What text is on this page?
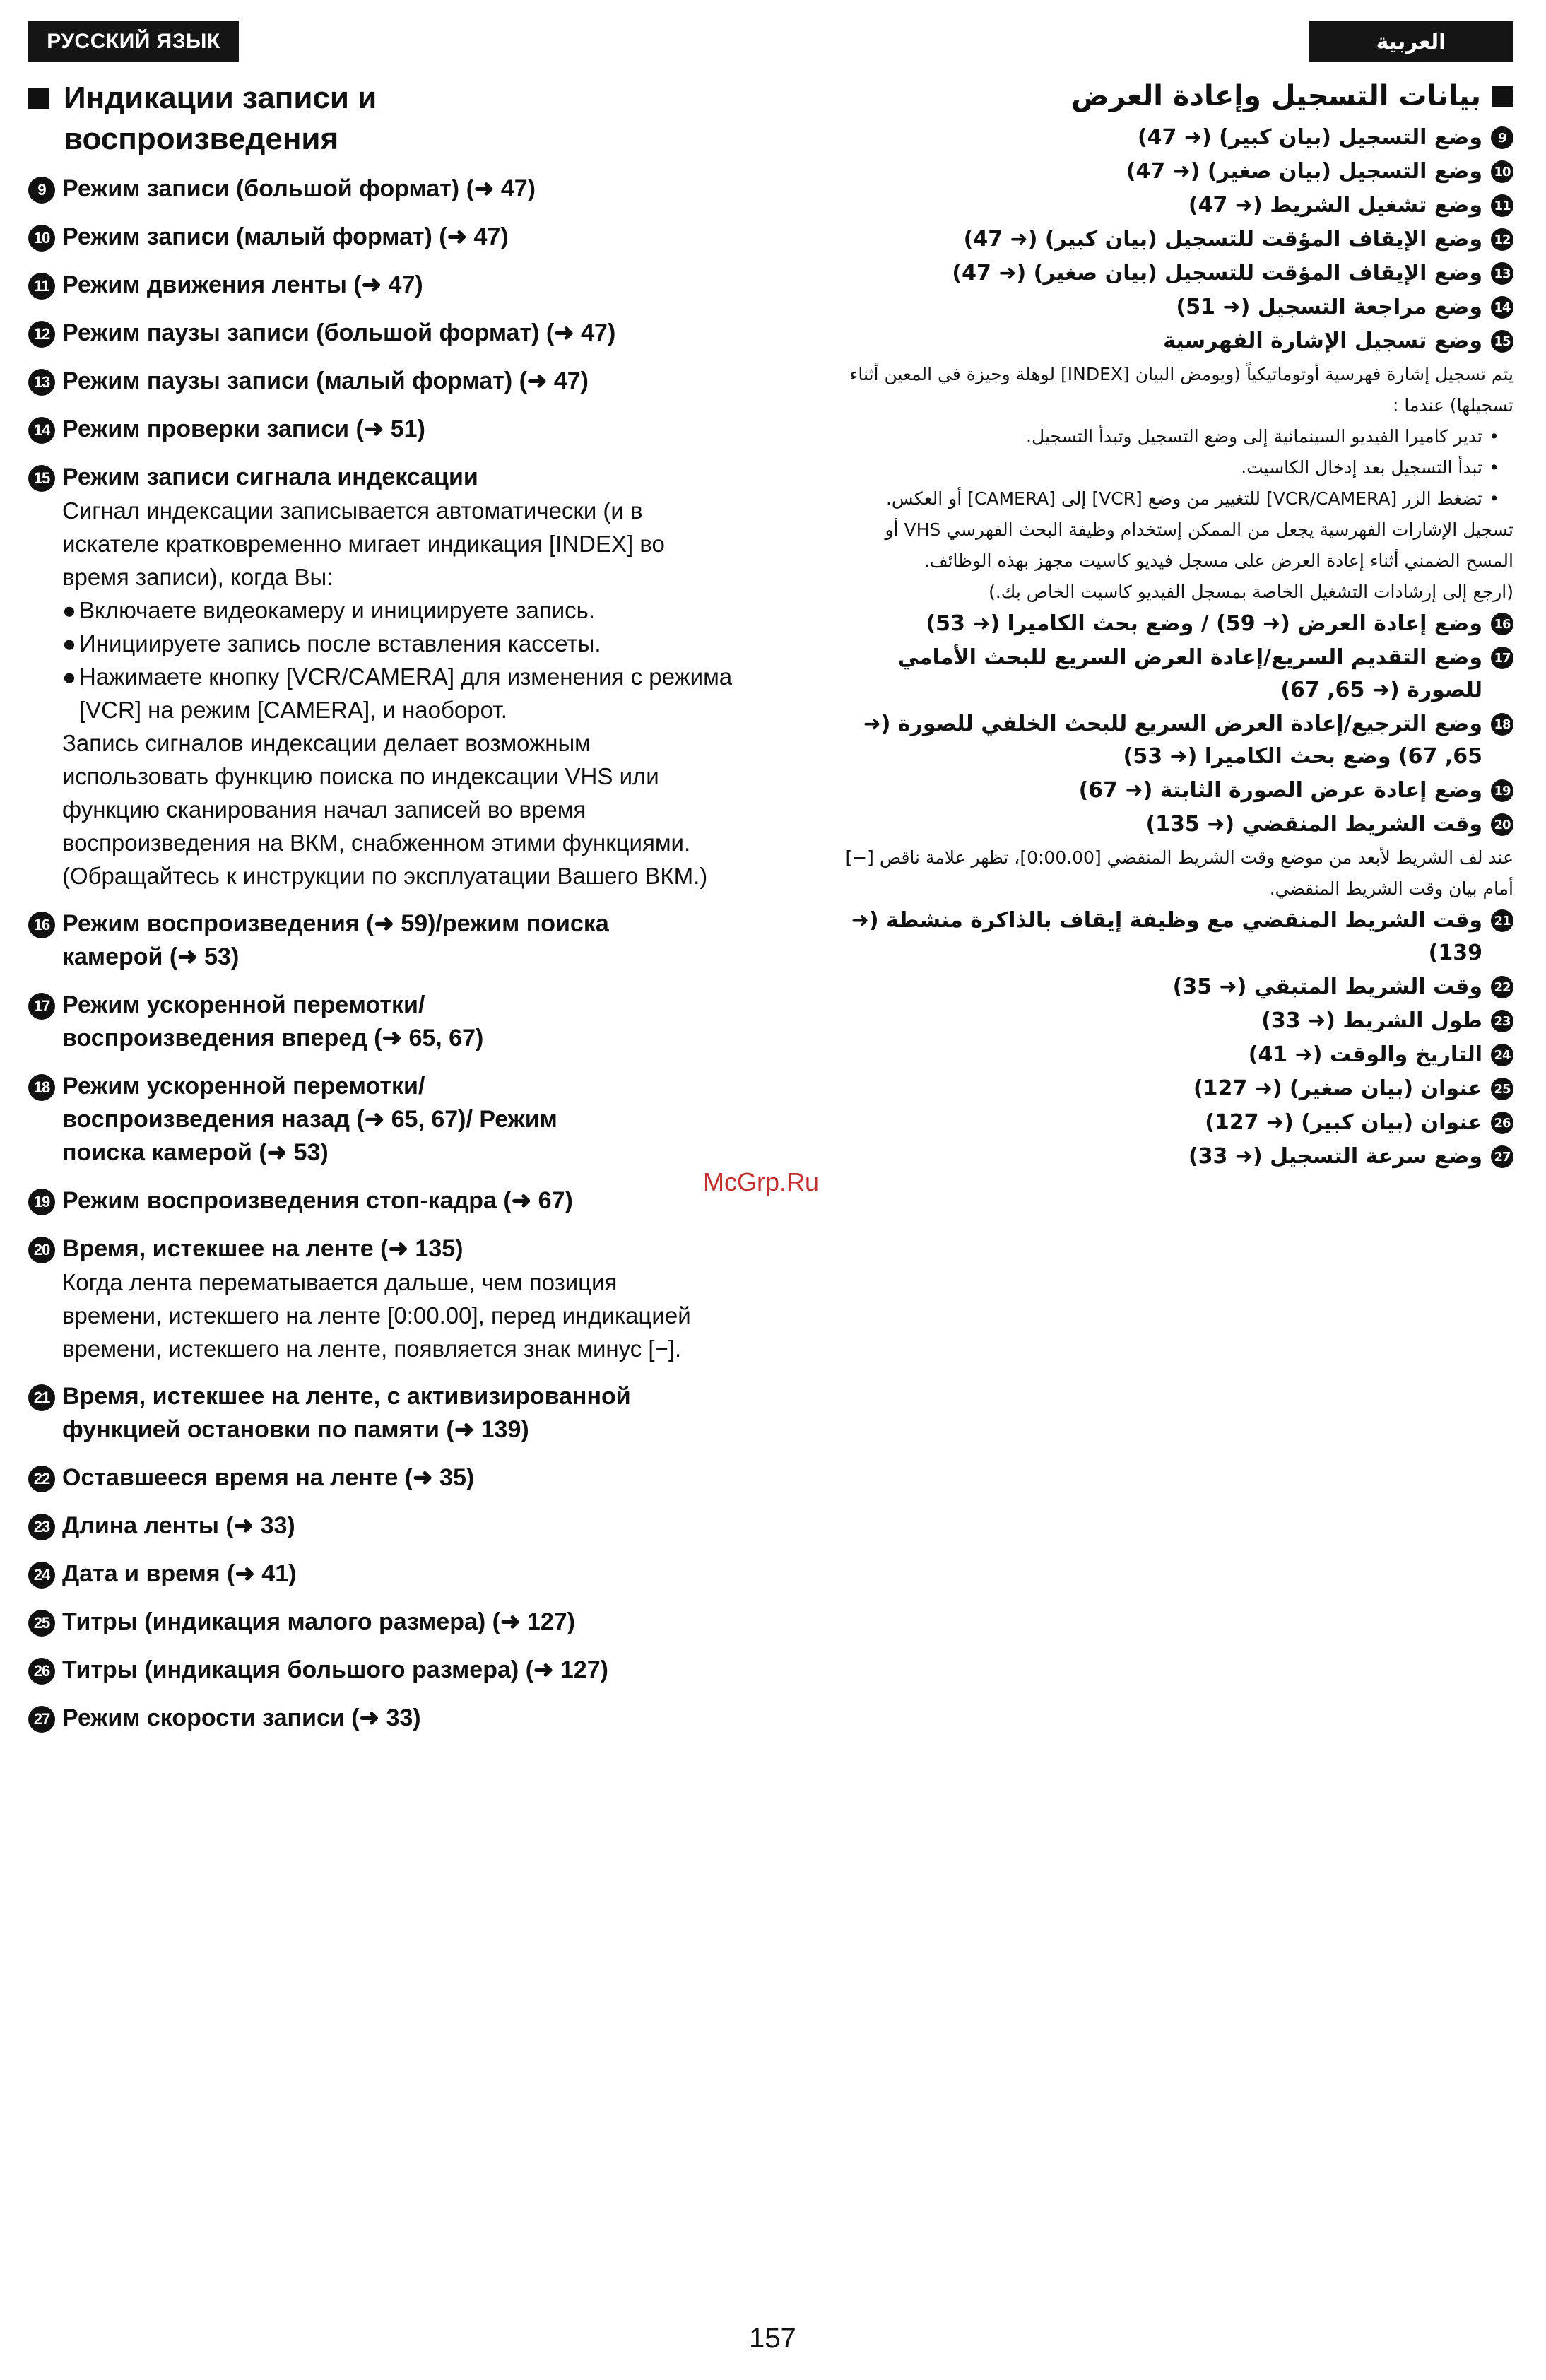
РУССКИЙ ЯЗЫК	العربية
Индикации записи и воспроизведения
9 Режим записи (большой формат) (➜ 47)
10 Режим записи (малый формат) (➜ 47)
11 Режим движения ленты (➜ 47)
12 Режим паузы записи (большой формат) (➜ 47)
13 Режим паузы записи (малый формат) (➜ 47)
14 Режим проверки записи (➜ 51)
15 Режим записи сигнала индексации
Сигнал индексации записывается автоматически (и в искателе кратковременно мигает индикация [INDEX] во время записи), когда Вы:
● Включаете видеокамеру и инициируете запись.
● Инициируете запись после вставления кассеты.
● Нажимаете кнопку [VCR/CAMERA] для изменения с режима [VCR] на режим [CAMERA], и наоборот.
Запись сигналов индексации делает возможным использовать функцию поиска по индексации VHS или функцию сканирования начал записей во время воспроизведения на ВКМ, снабженном этими функциями.
(Обращайтесь к инструкции по эксплуатации Вашего ВКМ.)
16 Режим воспроизведения (➜ 59)/режим поиска камерой (➜ 53)
17 Режим ускоренной перемотки/ воспроизведения вперед (➜ 65, 67)
18 Режим ускоренной перемотки/ воспроизведения назад (➜ 65, 67)/ Режим поиска камерой (➜ 53)
19 Режим воспроизведения стоп-кадра (➜ 67)
20 Время, истекшее на ленте (➜ 135)
Когда лента перематывается дальше, чем позиция времени, истекшего на ленте [0:00.00], перед индикацией времени, истекшего на ленте, появляется знак минус [−].
21 Время, истекшее на ленте, с активизированной функцией остановки по памяти (➜ 139)
22 Оставшееся время на ленте (➜ 35)
23 Длина ленты (➜ 33)
24 Дата и время (➜ 41)
25 Титры (индикация малого размера) (➜ 127)
26 Титры (индикация большого размера) (➜ 127)
27 Режим скорости записи (➜ 33)
بيانات التسجيل وإعادة العرض
9
وضع التسجيل (بيان كبير) (➜ 47)
10
وضع التسجيل (بيان صغير) (➜ 47)
11
وضع تشغيل الشريط (➜ 47)
12
وضع الإيقاف المؤقت للتسجيل (بيان كبير) (➜ 47)
13
وضع الإيقاف المؤقت للتسجيل (بيان صغير) (➜ 47)
14
وضع مراجعة التسجيل (➜ 51)
15
وضع تسجيل الإشارة الفهرسية
يتم تسجيل إشارة فهرسية أوتوماتيكياً (ويومض البيان [INDEX] لوهلة وجيزة في المعين أثناء تسجيلها) عندما :
•
تدير كاميرا الفيديو السينمائية إلى وضع التسجيل وتبدأ التسجيل.
•
تبدأ التسجيل بعد إدخال الكاسيت.
•
تضغط الزر [VCR/CAMERA] للتغيير من وضع [VCR] إلى [CAMERA] أو العكس.
تسجيل الإشارات الفهرسية يجعل من الممكن إستخدام وظيفة البحث الفهرسي VHS أو المسح الضمني أثناء إعادة العرض على مسجل فيديو كاسيت مجهز بهذه الوظائف.
(ارجع إلى إرشادات التشغيل الخاصة بمسجل الفيديو كاسيت الخاص بك.)
16
وضع إعادة العرض (➜ 59) / وضع بحث الكاميرا (➜ 53)
17
وضع التقديم السريع/إعادة العرض السريع للبحث الأمامي للصورة (➜ 65, 67)
18
وضع الترجيع/إعادة العرض السريع للبحث الخلفي للصورة (➜ 65, 67) وضع بحث الكاميرا (➜ 53)
19
وضع إعادة عرض الصورة الثابتة (➜ 67)
20
وقت الشريط المنقضي (➜ 135)
عند لف الشريط لأبعد من موضع وقت الشريط المنقضي [0:00.00]، تظهر علامة ناقص [−] أمام بيان وقت الشريط المنقضي.
21
وقت الشريط المنقضي مع وظيفة إيقاف بالذاكرة منشطة (➜ 139)
22
وقت الشريط المتبقي (➜ 35)
23
طول الشريط (➜ 33)
24
التاريخ والوقت (➜ 41)
25
عنوان (بيان صغير) (➜ 127)
26
عنوان (بيان كبير) (➜ 127)
27
وضع سرعة التسجيل (➜ 33)
McGrp.Ru
157
